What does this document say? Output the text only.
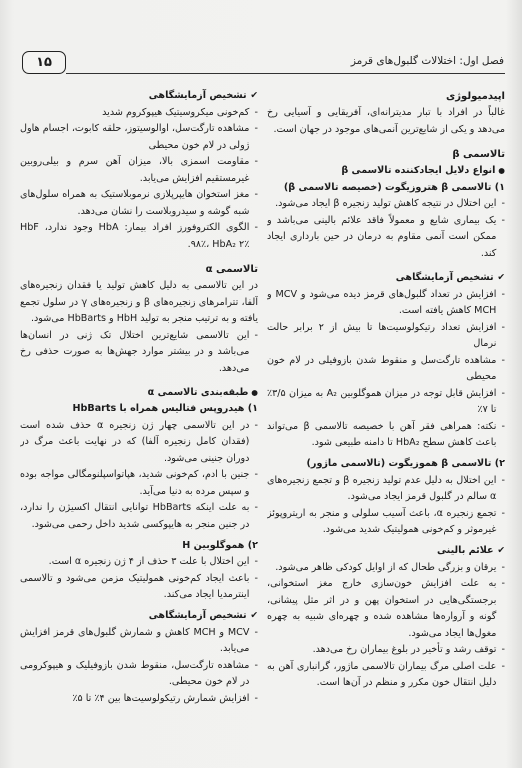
۱۵	فصل اول: اختلالات گلبول‌های قرمز
اپیدمیولوژی

غالباً در افراد با تبار مدیترانه‌ای، آفریقایی و آسیایی رخ می‌دهد و یکی از شایع‌ترین آنمی‌های موجود در جهان است.

تالاسمی β
●انواع دلایل ایجادکننده تالاسمی β
۱) تالاسمی β هتروزیگوت (خصیصه تالاسمی β)
- این اختلال در نتیجه کاهش تولید زنجیره β ایجاد می‌شود.
- یک بیماری شایع و معمولاً فاقد علائم بالینی می‌باشد و ممکن است آنمی مقاوم به درمان در حین بارداری ایجاد کند.
✔تشخیص آزمایشگاهی
- افزایش در تعداد گلبول‌های قرمز دیده می‌شود و MCV و MCH کاهش یافته است.
- افزایش تعداد رتیکولوسیت‌ها تا بیش از ۲ برابر حالت نرمال
- مشاهده تارگت‌سل و منقوط شدن بازوفیلی در لام خون محیطی
- افزایش قابل توجه در میزان هموگلوبین A₂ به میزان ۳/۵٪ تا ۷٪
- نکته: همراهی فقر آهن با خصیصه تالاسمی β می‌تواند باعث کاهش سطح HbA₂ تا دامنه طبیعی شود.
۲) تالاسمی β هموزیگوت (تالاسمی ماژور)
- این اختلال به دلیل عدم تولید زنجیره β و تجمع زنجیره‌های α سالم در گلبول قرمز ایجاد می‌شود.
- تجمع زنجیره α، باعث آسیب سلولی و منجر به اریتروپوئز غیرموثر و کم‌خونی همولیتیک شدید می‌شود.
✔علائم بالینی
- یرقان و بزرگی طحال که از اوایل کودکی ظاهر می‌شود.
- به علت افزایش خون‌سازی خارج مغز استخوانی، برجستگی‌هایی در استخوان پهن و در اثر مثل پیشانی، گونه و آرواره‌ها مشاهده شده و چهره‌ای شبیه به چهره مغول‌ها ایجاد می‌شود.
- توقف رشد و تأخیر در بلوغ بیماران رخ می‌دهد.
- علت اصلی مرگ بیماران تالاسمی ماژور، گرانباری آهن به دلیل انتقال خون مکرر و منظم در آن‌ها است.
✔تشخیص آزمایشگاهی
- کم‌خونی میکروسیتیک هیپوکروم شدید
- مشاهده تارگت‌سل، اوالوسیتوز، حلقه کابوت، اجسام هاول ژولی در لام خون محیطی
- مقاومت اسمزی بالا، میزان آهن سرم و بیلی‌روبین غیرمستقیم افزایش می‌یابد.
- مغز استخوان هایپرپلازی نرموبلاستیک به همراه سلول‌های شبه گوشه و سیدروبلاست را نشان می‌دهد.
- الگوی الکتروفورز افراد بیمار: HbA وجود ندارد، HbF ۹۸٪، HbA₂ ۲٪.
تالاسمی α

در این تالاسمی به دلیل کاهش تولید یا فقدان زنجیره‌های آلفا، تترامرهای زنجیره‌های β و زنجیره‌های γ در سلول تجمع یافته و به ترتیب منجر به تولید HbH و HbBarts می‌شود.

- این تالاسمی شایع‌ترین اختلال تک ژنی در انسان‌ها می‌باشد و در بیشتر موارد جهش‌ها به صورت حذفی رخ می‌دهد.
●طبقه‌بندی تالاسمی α
۱) هیدروپس فتالیس همراه با HbBarts
- در این تالاسمی چهار ژن زنجیره α حذف شده است (فقدان کامل زنجیره آلفا) که در نهایت باعث مرگ در دوران جنینی می‌شود.
- جنین با ادم، کم‌خونی شدید، هپاتواسپلنومگالی مواجه بوده و سپس مرده به دنیا می‌آید.
- به علت اینکه HbBarts توانایی انتقال اکسیژن را ندارد، در جنین منجر به هایپوکسی شدید داخل رحمی می‌شود.
۲) هموگلوبین H
- این اختلال با علت ۳ حذف از ۴ ژن زنجیره α است.
- باعث ایجاد کم‌خونی همولیتیک مزمن می‌شود و تالاسمی اینترمدیا ایجاد می‌کند.
✔تشخیص آزمایشگاهی
- MCV و MCH کاهش و شمارش گلبول‌های قرمز افزایش می‌یابد.
- مشاهده تارگت‌سل، منقوط شدن بازوفیلیک و هیپوکرومی در لام خون محیطی.
- افزایش شمارش رتیکولوسیت‌ها بین ۴٪ تا ۵٪
